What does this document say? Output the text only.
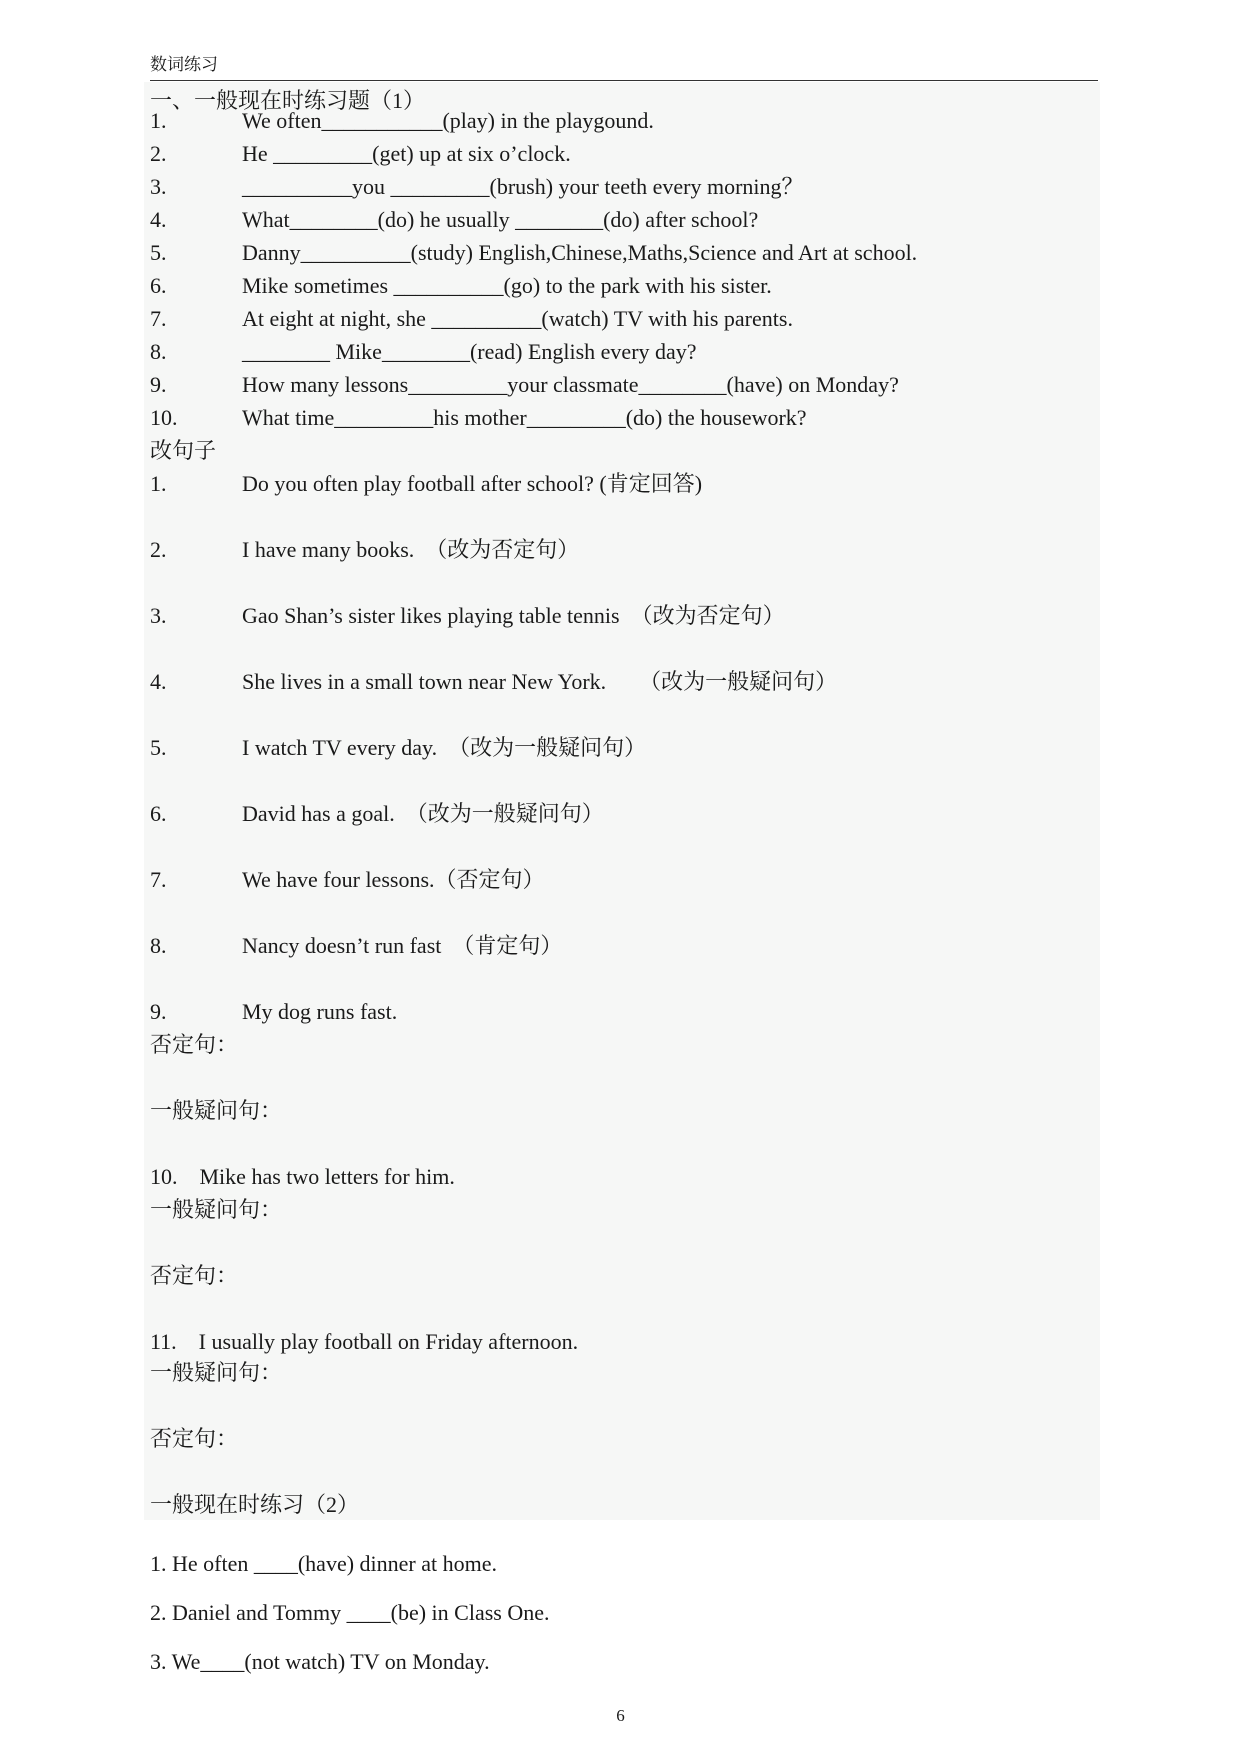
数词练习
一、一般现在时练习题（1）
1.	We often___________(play) in the playgound.
2.	He _________(get) up at six o’clock.
3.	__________you _________(brush) your teeth every morning？
4.	What________(do) he usually ________(do) after school?
5.	Danny__________(study) English,Chinese,Maths,Science and Art at school.
6.	Mike sometimes __________(go) to the park with his sister.
7.	At eight at night, she __________(watch) TV with his parents.
8.	________ Mike________(read) English every day?
9.	How many lessons_________your classmate________(have) on Monday?
10.	What time_________his mother_________(do) the housework?
改句子
1.	Do you often play football after school? (肯定回答)
2.	I have many books.　（改为否定句）
3.	Gao Shan’s sister likes playing table tennis　（改为否定句）
4.	She lives in a small town near New York.　　（改为一般疑问句）
5.	I watch TV every day.　（改为一般疑问句）
6.	David has a goal.　（改为一般疑问句）
7.	We have four lessons.（否定句）
8.	Nancy doesn’t run fast　（肯定句）
9.	My dog runs fast.
否定句：
一般疑问句：
10.　Mike has two letters for him.
一般疑问句：
否定句：
11.　I usually play football on Friday afternoon.
一般疑问句：
否定句：
一般现在时练习（2）
1. He often ____(have) dinner at home.
2. Daniel and Tommy ____(be) in Class One.
3. We____(not watch) TV on Monday.
6
